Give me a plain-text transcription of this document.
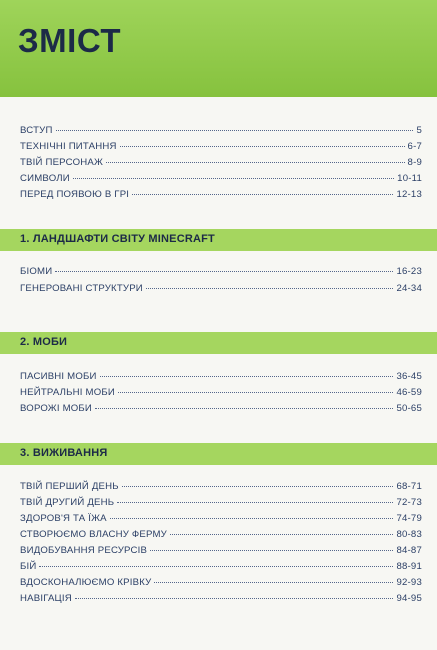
ЗМІСТ
ВСТУП	5
ТЕХНІЧНІ ПИТАННЯ	6-7
ТВІЙ ПЕРСОНАЖ	8-9
СИМВОЛИ	10-11
ПЕРЕД ПОЯВОЮ В ГРІ	12-13
1. ЛАНДШАФТИ СВІТУ MINECRAFT
БІОМИ	16-23
ГЕНЕРОВАНІ СТРУКТУРИ	24-34
2. МОБИ
ПАСИВНІ МОБИ	36-45
НЕЙТРАЛЬНІ МОБИ	46-59
ВОРОЖІ МОБИ	50-65
3. ВИЖИВАННЯ
ТВІЙ ПЕРШИЙ ДЕНЬ	68-71
ТВІЙ ДРУГИЙ ДЕНЬ	72-73
ЗДОРОВ'Я ТА ЇЖА	74-79
СТВОРЮЄМО ВЛАСНУ ФЕРМУ	80-83
ВИДОБУВАННЯ РЕСУРСІВ	84-87
БІЙ	88-91
ВДОСКОНАЛЮЄМО КРІВКУ	92-93
НАВІГАЦІЯ	94-95
